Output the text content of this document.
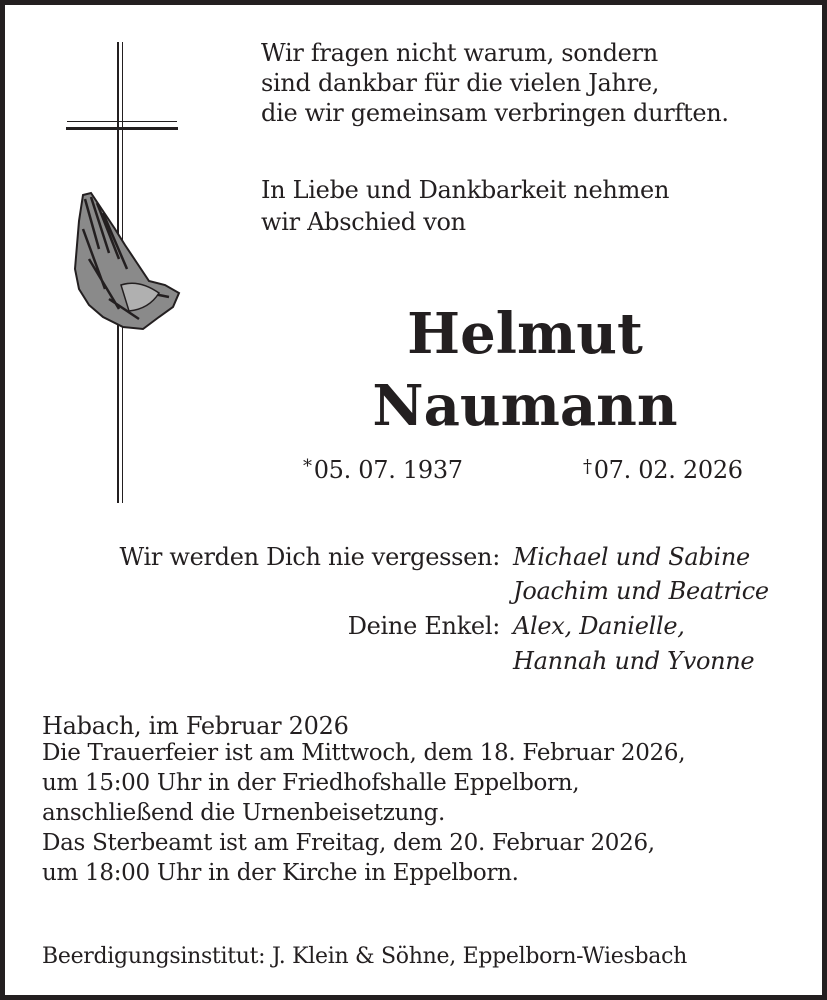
Wir fragen nicht warum, sondern
sind dankbar für die vielen Jahre,
die wir gemeinsam verbringen durften.
In Liebe und Dankbarkeit nehmen
wir Abschied von
Helmut
Naumann
*05. 07. 1937	†07. 02. 2026
Wir werden Dich nie vergessen: Michael und Sabine
Joachim und Beatrice
Deine Enkel: Alex, Danielle,
Hannah und Yvonne
Habach, im Februar 2026
Die Trauerfeier ist am Mittwoch, dem 18. Februar 2026,
um 15:00 Uhr in der Friedhofshalle Eppelborn,
anschließend die Urnenbeisetzung.
Das Sterbeamt ist am Freitag, dem 20. Februar 2026,
um 18:00 Uhr in der Kirche in Eppelborn.
Beerdigungsinstitut: J. Klein & Söhne, Eppelborn-Wiesbach
